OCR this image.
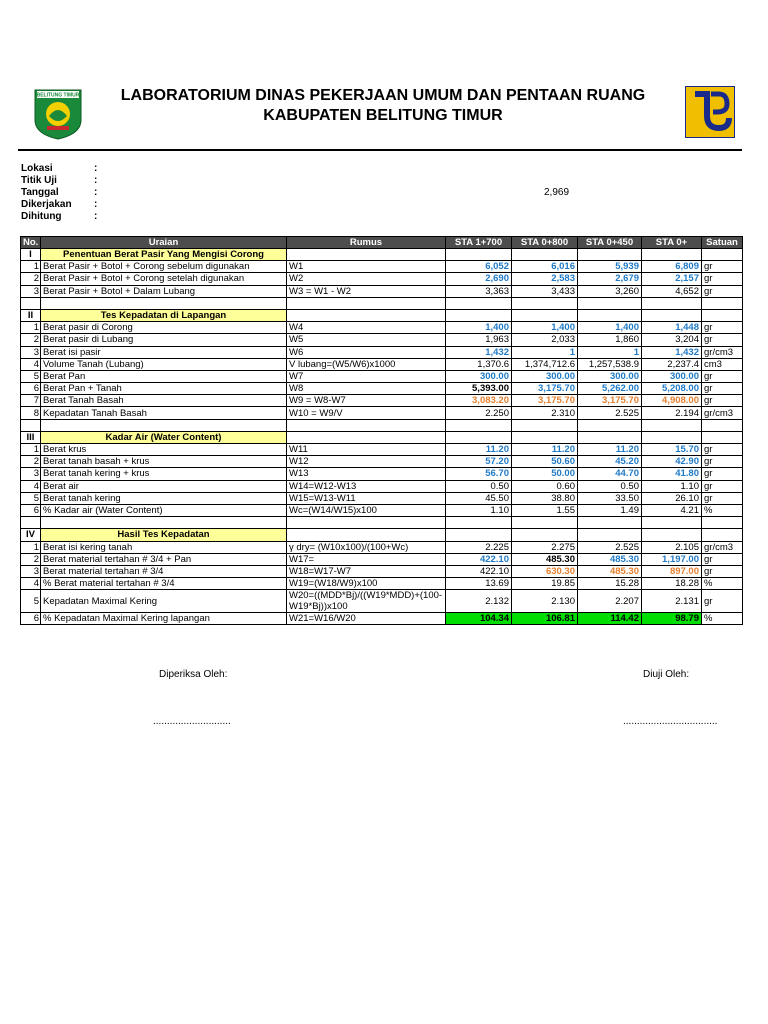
BELITUNG TIMUR	LABORATORIUM DINAS PEKERJAAN UMUM DAN PENTAAN RUANG
KABUPATEN BELITUNG TIMUR
Lokasi	:
Titik Uji	:
Tanggal	:
Dikerjakan :
Dihitung	:
2,969
No.	Uraian	Rumus	STA 1+700	STA 0+800	STA 0+450	STA 0+	Satuan
I	Penentuan Berat Pasir Yang Mengisi Corong						
1	Berat Pasir + Botol + Corong sebelum digunakan	W1	6,052	6,016	5,939	6,809	gr
2	Berat Pasir + Botol + Corong setelah digunakan	W2	2,690	2,583	2,679	2,157	gr
3	Berat Pasir + Botol + Dalam Lubang	W3 = W1 - W2	3,363	3,433	3,260	4,652	gr

II	Tes Kepadatan di Lapangan						
1	Berat pasir di Corong	W4	1,400	1,400	1,400	1,448	gr
2	Berat pasir di Lubang	W5	1,963	2,033	1,860	3,204	gr
3	Berat isi pasir	W6	1,432	1	1	1,432	gr/cm3
4	Volume Tanah (Lubang)	V lubang=(W5/W6)x1000	1,370.6	1,374,712.6	1,257,538.9	2,237.4	cm3
5	Berat Pan	W7	300.00	300.00	300.00	300.00	gr
6	Berat Pan + Tanah	W8	5,393.00	3,175.70	5,262.00	5,208.00	gr
7	Berat Tanah Basah	W9 = W8-W7	3,083.20	3,175.70	3,175.70	4,908.00	gr
8	Kepadatan Tanah Basah	W10 = W9/V	2.250	2.310	2.525	2.194	gr/cm3

III	Kadar Air (Water Content)						
1	Berat krus	W11	11.20	11.20	11.20	15.70	gr
2	Berat tanah basah + krus	W12	57.20	50.60	45.20	42.90	gr
3	Berat tanah kering + krus	W13	56.70	50.00	44.70	41.80	gr
4	Berat air	W14=W12-W13	0.50	0.60	0.50	1.10	gr
5	Berat tanah kering	W15=W13-W11	45.50	38.80	33.50	26.10	gr
6	% Kadar air (Water Content)	Wc=(W14/W15)x100	1.10	1.55	1.49	4.21	%

IV	Hasil Tes Kepadatan						
1	Berat isi kering tanah	γ dry= (W10x100)/(100+Wc)	2.225	2.275	2.525	2.105	gr/cm3
2	Berat material tertahan # 3/4 + Pan	W17=	422.10	485.30	485.30	1,197.00	gr
3	Berat material tertahan # 3/4	W18=W17-W7	422.10	630.30	485.30	897.00	gr
4	% Berat material tertahan # 3/4	W19=(W18/W9)x100	13.69	19.85	15.28	18.28	%
5	Kepadatan Maximal Kering	W20=((MDD*Bj)/((W19*MDD)+(100-W19*Bj))x100	2.132	2.130	2.207	2.131	gr
6	% Kepadatan Maximal Kering lapangan	W21=W16/W20	104.34	106.81	114.42	98.79	%
Diperiksa Oleh:	Diuji Oleh:
............................	..................................
